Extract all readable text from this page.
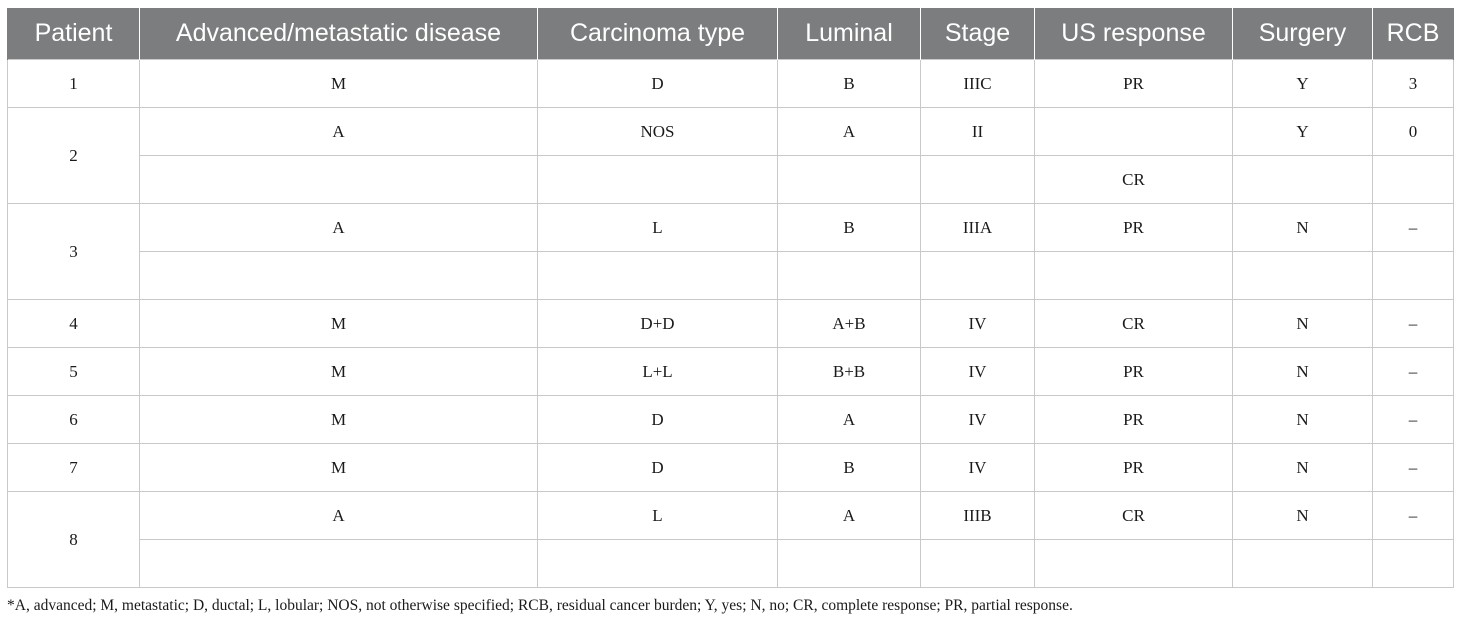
Patient	Advanced/metastatic disease	Carcinoma type	Luminal	Stage	US response	Surgery	RCB
1	M	D	B	IIIC	PR	Y	3
2	A	NOS	A	II		Y	0
					CR		
3	A	L	B	IIIA	PR	N	–

4	M	D+D	A+B	IV	CR	N	–
5	M	L+L	B+B	IV	PR	N	–
6	M	D	A	IV	PR	N	–
7	M	D	B	IV	PR	N	–
8	A	L	A	IIIB	CR	N	–

*A, advanced; M, metastatic; D, ductal; L, lobular; NOS, not otherwise specified; RCB, residual cancer burden; Y, yes; N, no; CR, complete response; PR, partial response.
